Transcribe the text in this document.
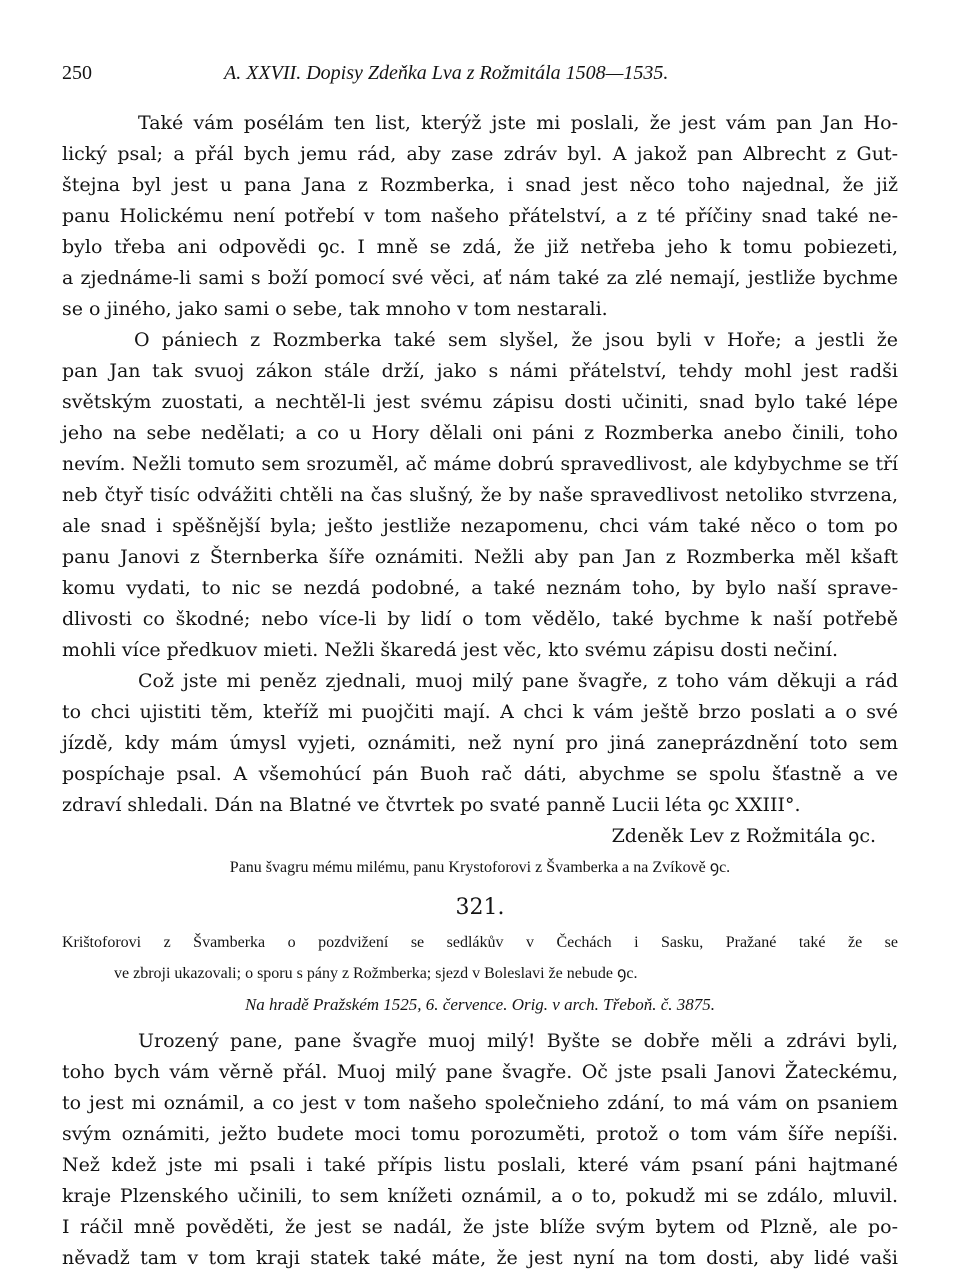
250	A. XXVII. Dopisy Zdeňka Lva z Rožmitála 1508—1535.
Také vám posélám ten list, kterýž jste mi poslali, že jest vám pan Jan Ho-
lický psal; a přál bych jemu rád, aby zase zdráv byl. A jakož pan Albrecht z Gut-
štejna byl jest u pana Jana z Rozmberka, i snad jest něco toho najednal, že již
panu Holickému není potřebí v tom našeho přátelství, a z té příčiny snad také ne-
bylo třeba ani odpovědi ꝯc. I mně se zdá, že již netřeba jeho k tomu pobiezeti,
a zjednáme-li sami s boží pomocí své věci, ať nám také za zlé nemají, jestliže bychme
se o jiného, jako sami o sebe, tak mnoho v tom nestarali.
O pániech z Rozmberka také sem slyšel, že jsou byli v Hoře; a jestli že
pan Jan tak svuoj zákon stále drží, jako s námi přátelství, tehdy mohl jest radši
světským zuostati, a nechtěl-li jest svému zápisu dosti učiniti, snad bylo také lépe
jeho na sebe nedělati; a co u Hory dělali oni páni z Rozmberka anebo činili, toho
nevím. Nežli tomuto sem srozuměl, ač máme dobrú spravedlivost, ale kdybychme se tří
neb čtyř tisíc odvážiti chtěli na čas slušný, že by naše spravedlivost netoliko stvrzena,
ale snad i spěšnější byla; ješto jestliže nezapomenu, chci vám také něco o tom po
panu Janovi z Šternberka šíře oznámiti. Nežli aby pan Jan z Rozmberka měl kšaft
komu vydati, to nic se nezdá podobné, a také neznám toho, by bylo naší sprave-
dlivosti co škodné; nebo více-li by lidí o tom vědělo, také bychme k naší potřebě
mohli více předkuov mieti. Nežli škaredá jest věc, kto svému zápisu dosti nečiní.
Což jste mi peněz zjednali, muoj milý pane švagře, z toho vám děkuji a rád
to chci ujistiti těm, kteříž mi puojčiti mají. A chci k vám ještě brzo poslati a o své
jízdě, kdy mám úmysl vyjeti, oznámiti, než nyní pro jiná zaneprázdnění toto sem
pospíchaje psal. A všemohúcí pán Buoh rač dáti, abychme se spolu šťastně a ve
zdraví shledali. Dán na Blatné ve čtvrtek po svaté panně Lucii léta ꝯc XXIII°.
Zdeněk Lev z Rožmitála ꝯc.
Panu švagru mému milému, panu Krystoforovi z Švamberka a na Zvíkově ꝯc.
321.
Krištoforovi z Švamberka o pozdvižení se sedlákův v Čechách i Sasku, Pražané také že se
ve zbroji ukazovali; o sporu s pány z Rožmberka; sjezd v Boleslavi že nebude ꝯc.
Na hradě Pražském 1525, 6. července. Orig. v arch. Třeboň. č. 3875.
Urozený pane, pane švagře muoj milý! Byšte se dobře měli a zdrávi byli,
toho bych vám věrně přál. Muoj milý pane švagře. Oč jste psali Janovi Žateckému,
to jest mi oznámil, a co jest v tom našeho společnieho zdání, to má vám on psaniem
svým oznámiti, ježto budete moci tomu porozuměti, protož o tom vám šíře nepíši.
Než kdež jste mi psali i také přípis listu poslali, které vám psaní páni hajtmané
kraje Plzenského učinili, to sem knížeti oznámil, a o to, pokudž mi se zdálo, mluvil.
I ráčil mně pověděti, že jest se nadál, že jste blíže svým bytem od Plzně, ale po-
něvadž tam v tom kraji statek také máte, že jest nyní na tom dosti, aby lidé vaši
